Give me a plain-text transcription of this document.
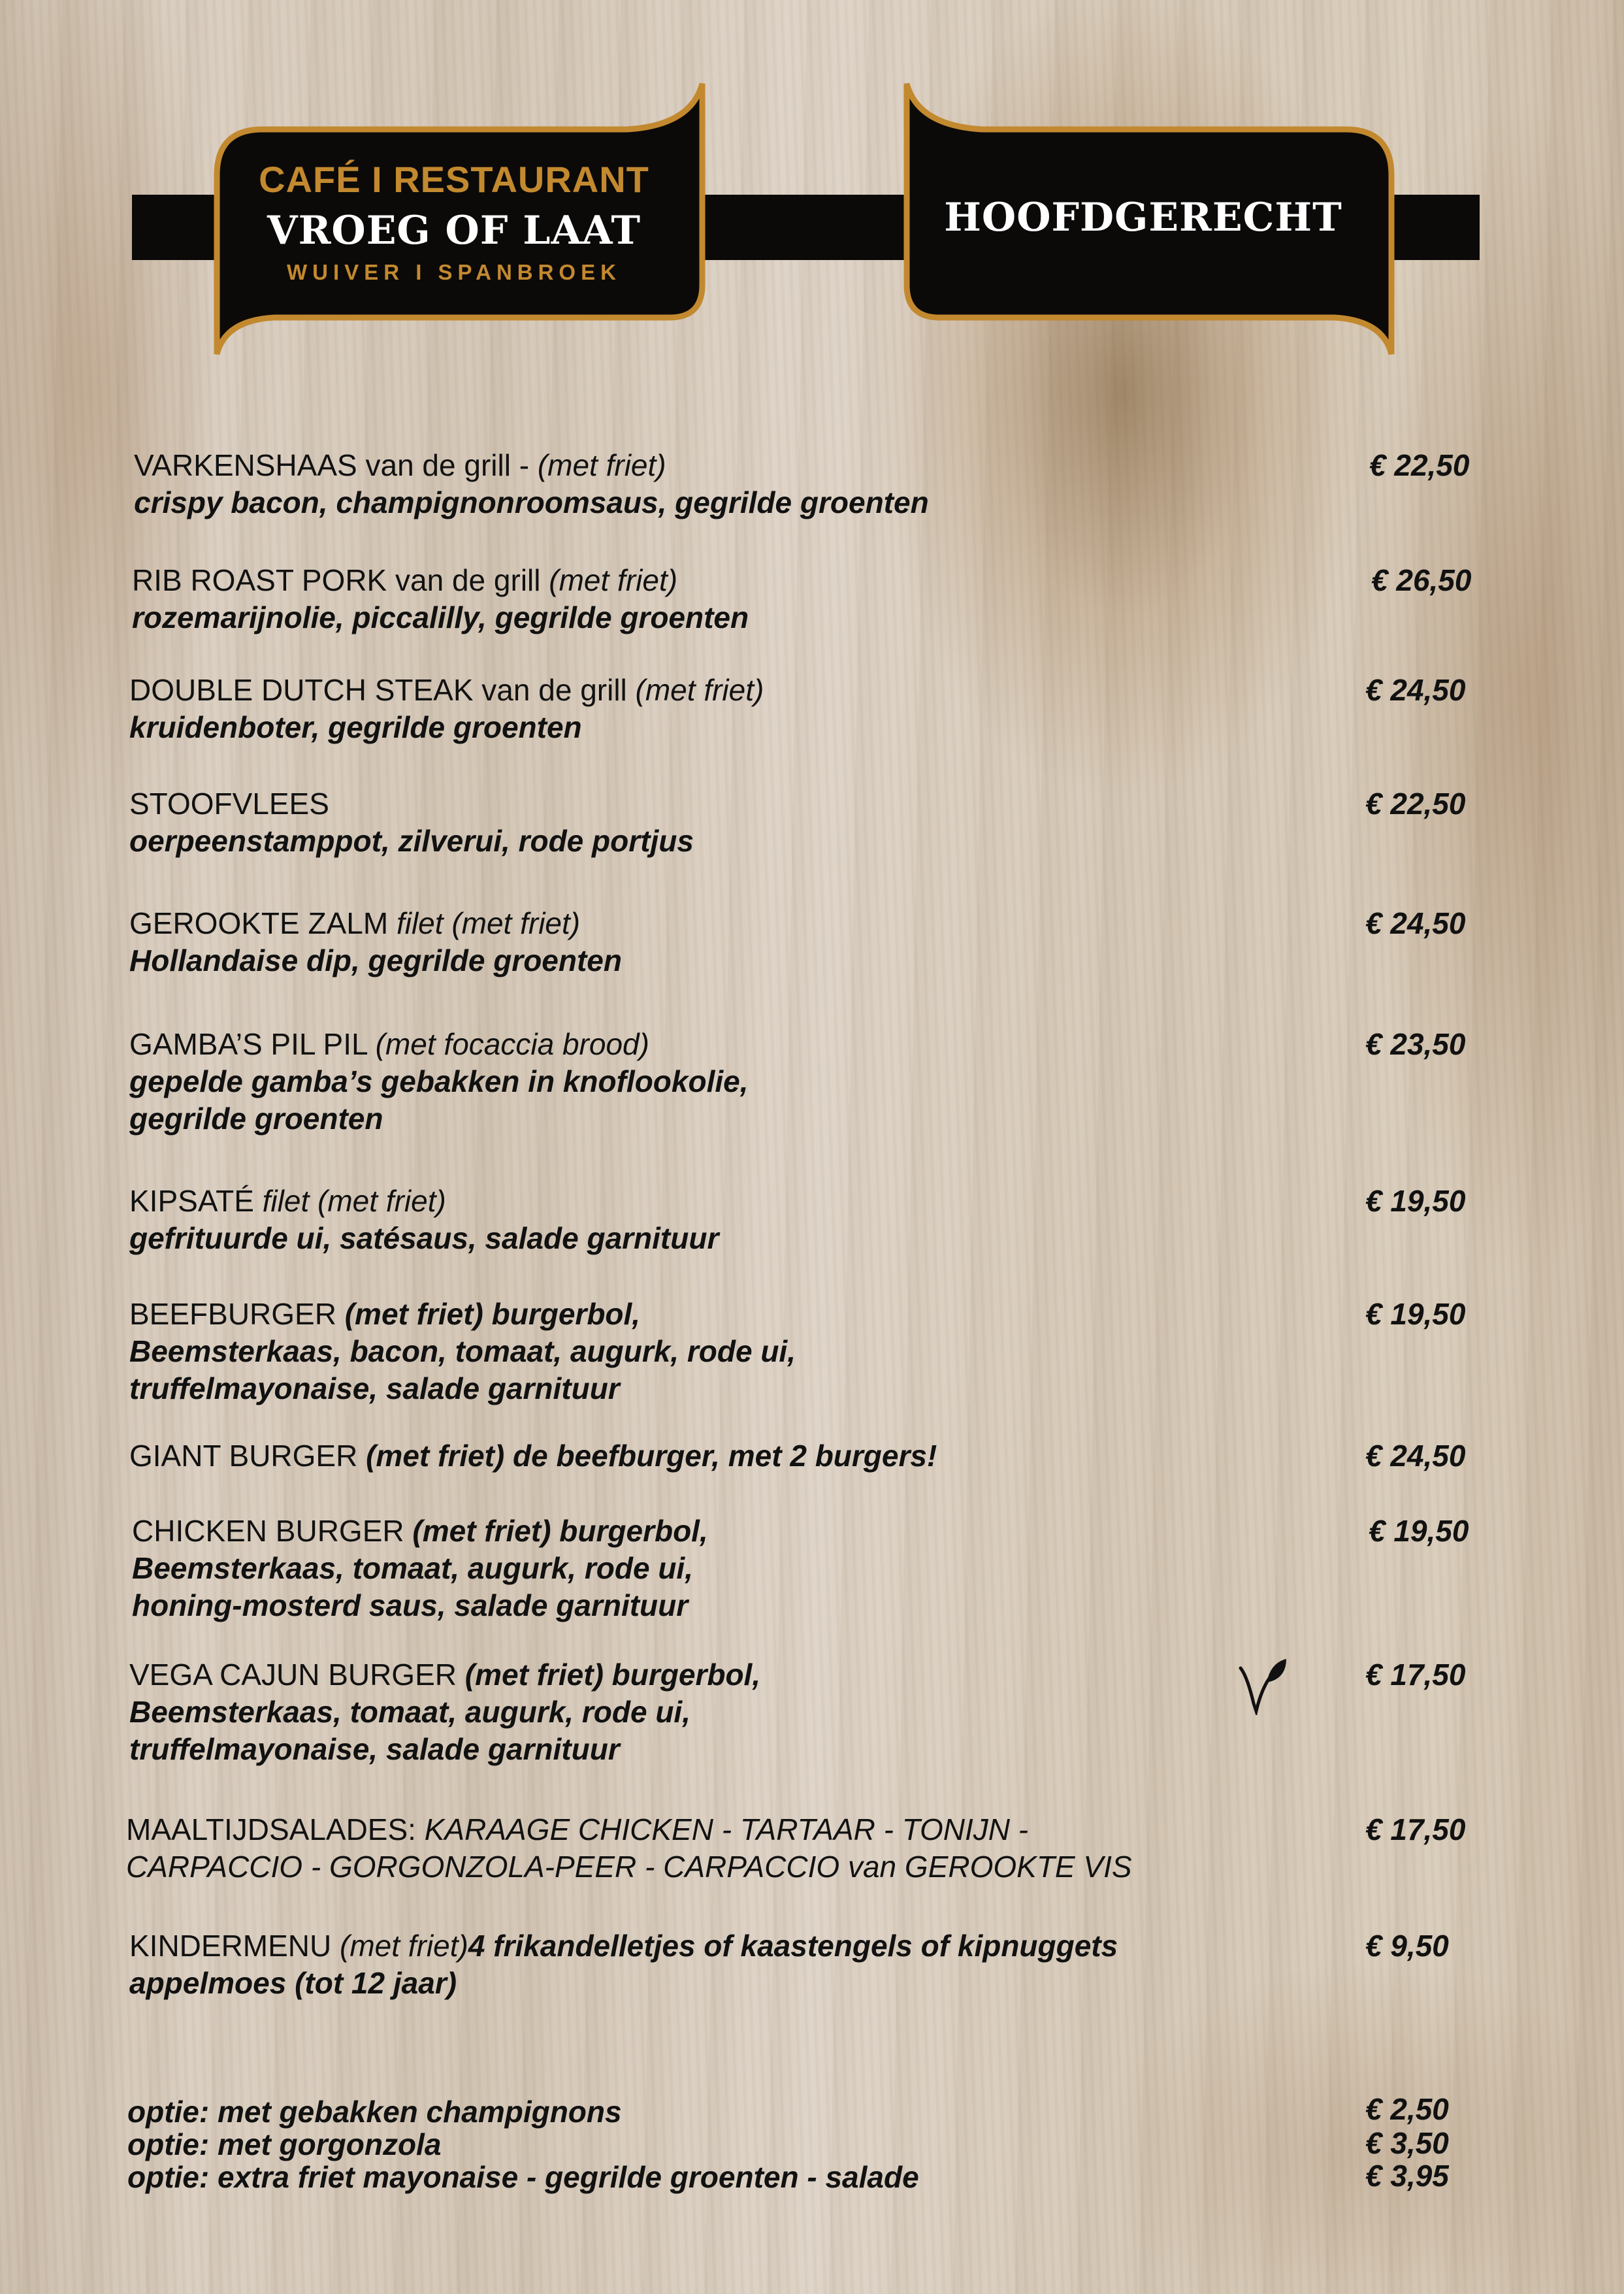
CAFÉ I RESTAURANT
VROEG OF LAAT
WUIVER I SPANBROEK
HOOFDGERECHT
VARKENSHAAS van de grill - (met friet)
crispy bacon, champignonroomsaus, gegrilde groenten
€ 22,50
RIB ROAST PORK van de grill (met friet)
rozemarijnolie, piccalilly, gegrilde groenten
€ 26,50
DOUBLE DUTCH STEAK van de grill (met friet)
kruidenboter, gegrilde groenten
€ 24,50
STOOFVLEES
oerpeenstamppot, zilverui, rode portjus
€ 22,50
GEROOKTE ZALM filet (met friet)
Hollandaise dip, gegrilde groenten
€ 24,50
GAMBA’S PIL PIL (met focaccia brood)
gepelde gamba’s gebakken in knoflookolie,
gegrilde groenten
€ 23,50
KIPSATÉ filet (met friet)
gefrituurde ui, satésaus, salade garnituur
€ 19,50
BEEFBURGER (met friet) burgerbol,
Beemsterkaas, bacon, tomaat, augurk, rode ui,
truffelmayonaise, salade garnituur
€ 19,50
GIANT BURGER (met friet) de beefburger, met 2 burgers!	€ 24,50
CHICKEN BURGER (met friet) burgerbol,
Beemsterkaas, tomaat, augurk, rode ui,
honing-mosterd saus, salade garnituur
€ 19,50
VEGA CAJUN BURGER (met friet) burgerbol,
Beemsterkaas, tomaat, augurk, rode ui,
truffelmayonaise, salade garnituur
€ 17,50
MAALTIJDSALADES: KARAAGE CHICKEN - TARTAAR - TONIJN -
CARPACCIO - GORGONZOLA-PEER - CARPACCIO van GEROOKTE VIS
€ 17,50
KINDERMENU (met friet)4 frikandelletjes of kaastengels of kipnuggets
appelmoes (tot 12 jaar)
€ 9,50
optie: met gebakken champignons	€ 2,50
optie: met gorgonzola	€ 3,50
optie: extra friet mayonaise - gegrilde groenten - salade	€ 3,95
